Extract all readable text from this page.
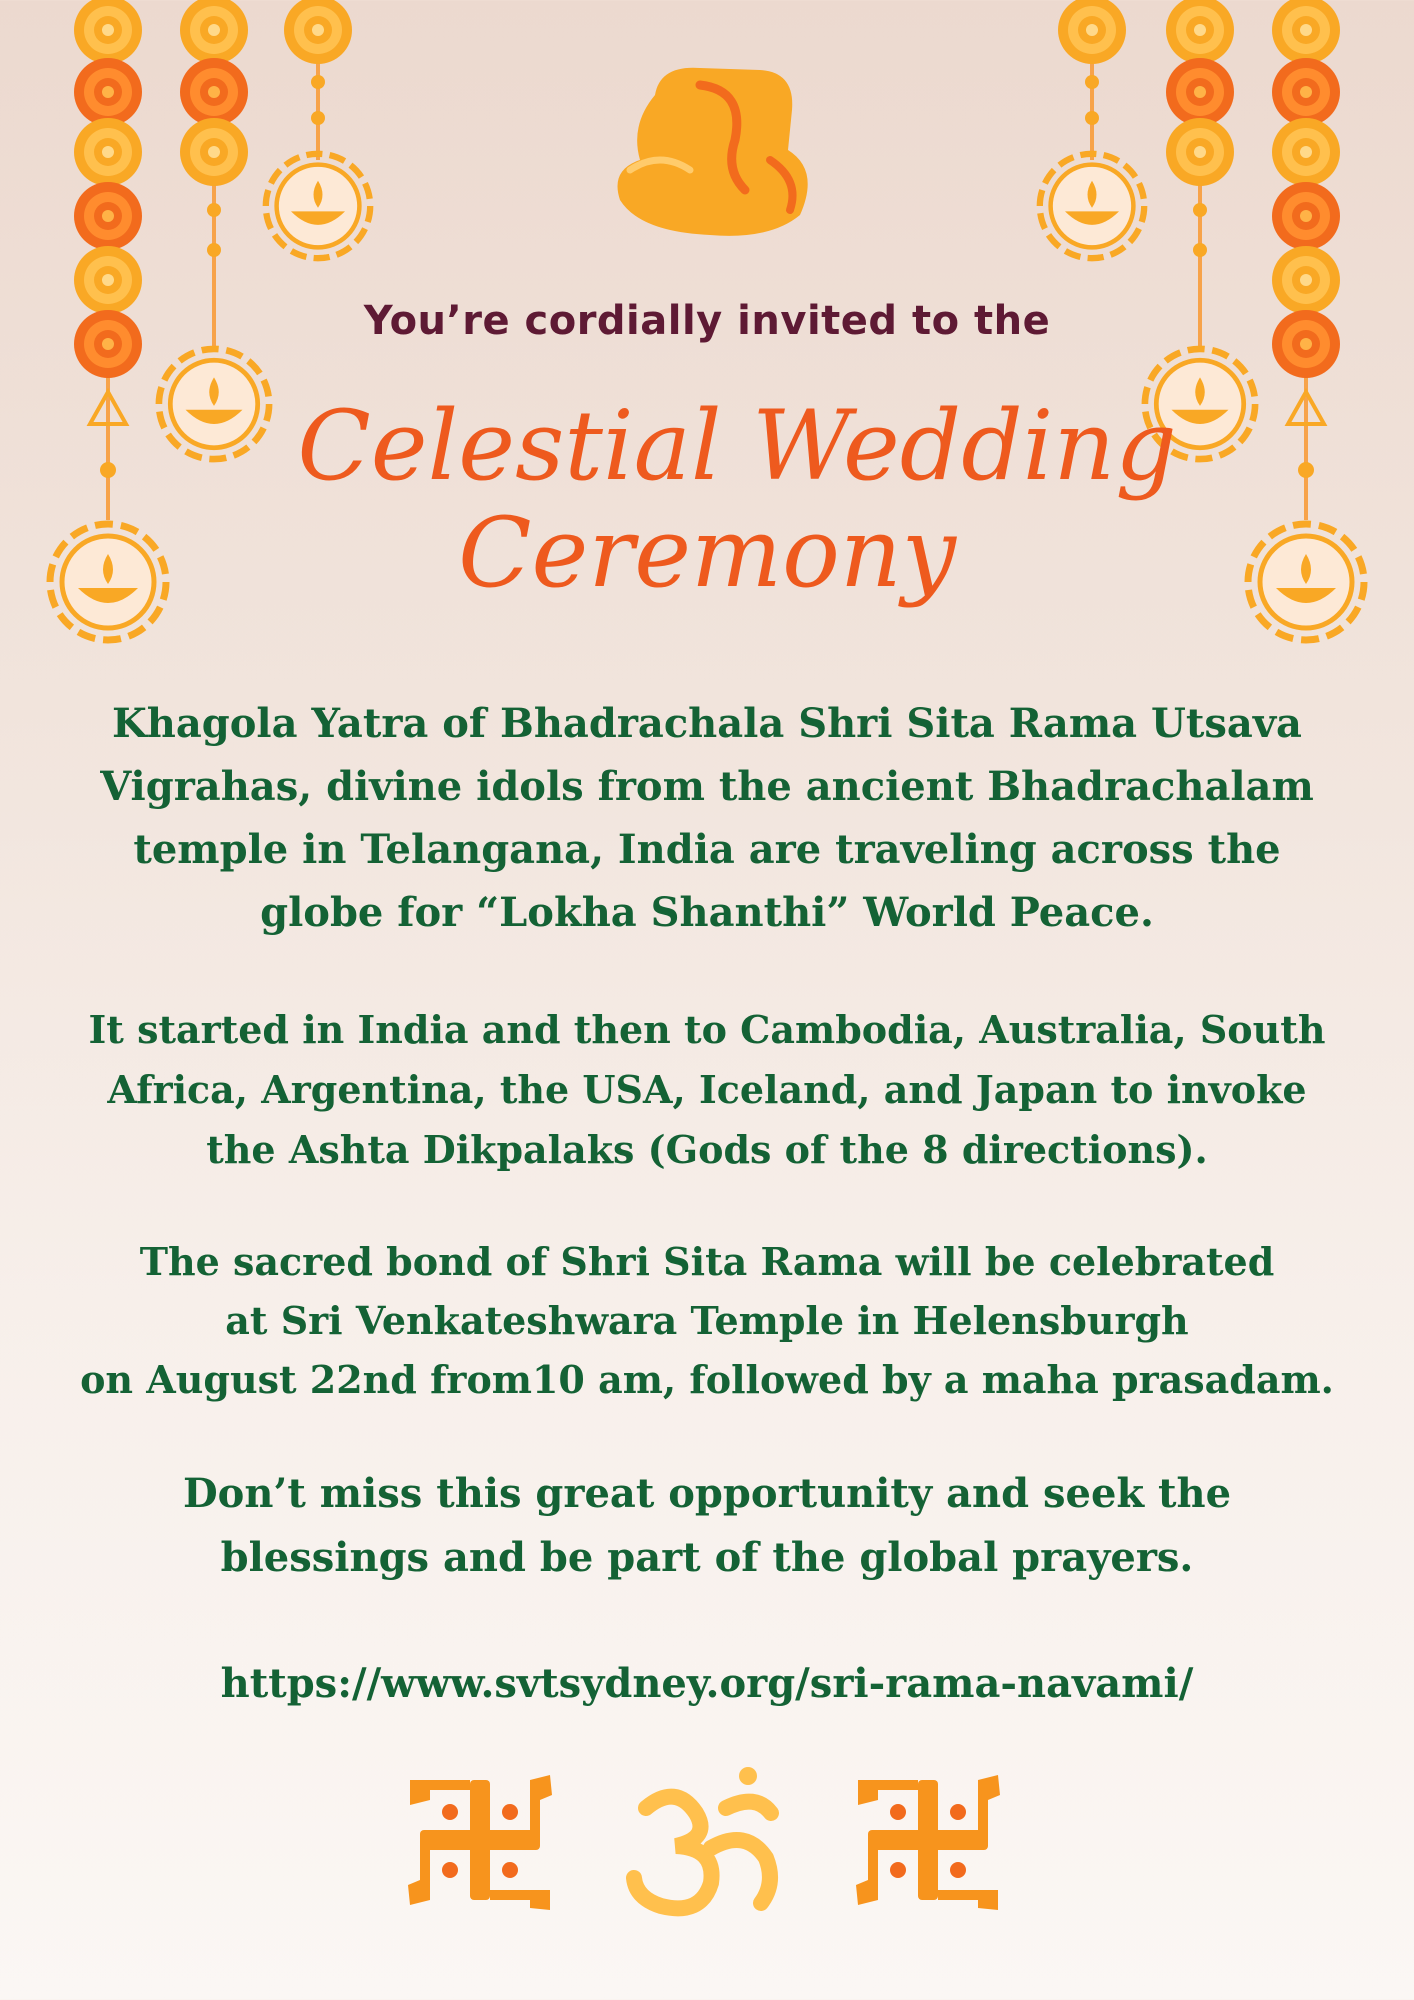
You’re cordially invited to the
Celestial Wedding
Ceremony
Khagola Yatra of Bhadrachala Shri Sita Rama Utsava
Vigrahas, divine idols from the ancient Bhadrachalam
temple in Telangana, India are traveling across the
globe for “Lokha Shanthi” World Peace.
It started in India and then to Cambodia, Australia, South
Africa, Argentina, the USA, Iceland, and Japan to invoke
the Ashta Dikpalaks (Gods of the 8 directions).
The sacred bond of Shri Sita Rama will be celebrated
at Sri Venkateshwara Temple in Helensburgh
on August 22nd from10 am, followed by a maha prasadam.
Don’t miss this great opportunity and seek the
blessings and be part of the global prayers.
https://www.svtsydney.org/sri-rama-navami/
